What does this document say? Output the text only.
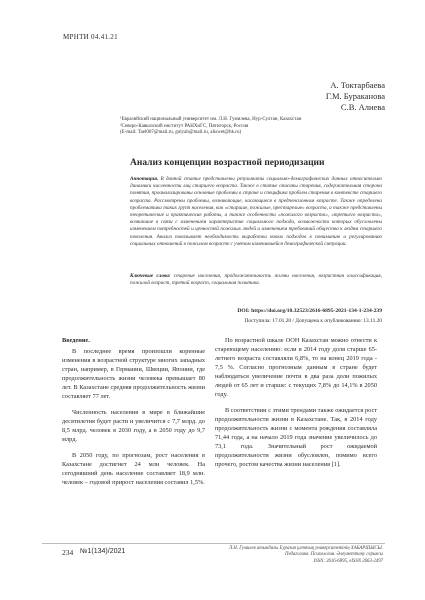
МРНТИ 04.41.21
А. Токтарбаева
Г.М. Бураканова
С.В. Алиева
¹Евразийский национальный университет им. Л.Н. Гумилева, Нур-Султан, Казахстан
²Северо-Кавказский институт РАНХиГС, Пятигорск, Россия
(E-mail: Tael007@mail.ru, gulyab@mail.ru, aliswet@bk.ru)
Анализ концепции возрастной периодизации
Аннотация. В данной статье представлены результаты социально-демографических данных относительно динамики численности лиц старшего возраста. Также в статье описаны старения, содержательная сторона понятия, проанализированы основные проблемы в стране и специфика проблем старения в контексте старшего возраста. Рассмотрены проблемы, возникающие, касающиеся в предпенсионном возрасте. Также определена проблематика таких групп населения, как «старшие, пожилые, престарелые» возраста, а также представлены теоретические и практические работы, а также особенности «пожилого возраста», «третьего возраста», возникшие в связи с изменением характеристик социального подхода, возможности которых обусловлены изменением потребностей и ценностей пожилых людей и изменением требований общества к людям старшего поколения. Анализ показывает необходимость выработки новых подходов к пониманию и регулированию социальных отношений в пожилом возрасте с учетом изменившейся демографической ситуации.
Ключевые слова: старение населения, продолжительность жизни населения, возрастная классификация, пожилой возраст, третий возраст, социальная политика.
DOI: https://doi.org/10.32523/2616-6895-2021-134-1-234-239
Поступила: 17.01.20 / Допущена к опубликованию: 13.11.20
Введение.

В последнее время произошли коренные изменения в возрастной структуре многих западных стран, например, в Германии, Швеции, Японии, где продолжительность жизни человека превышает 80 лет. В Казахстане средняя продолжительность жизни составляет 77 лет.

Численность населения в мире в ближайшие десятилетия будет расти и увеличится с 7,7 млрд. до 8,5 млрд. человек в 2030 году, а в 2050 году до 9,7 млрд.

В 2050 году, по прогнозам, рост населения в Казахстане достигнет 24 млн человек. На сегодняшний день население составляет 18,9 млн. человек – годовой прирост населения составил 1,5%.

По возрастной шкале ООН Казахстан можно отнести к стареющему населению: если в 2014 году доля старше 65-летнего возраста составляли 6,8%, то на конец 2019 года - 7,5 %. Согласно прогнозным данным в стране будет наблюдаться увеличение почти в два раза доли пожилых людей от 65 лет и старше: с текущих 7,8% до 14,1% в 2050 году.

В соответствии с этими трендами также ожидается рост продолжительности жизни в Казахстане. Так, в 2014 году продолжительность жизни с момента рождения составляла 71,44 года, а на начало 2019 года значение увеличилось до 73,1 года. Значительный рост ожидаемой продолжительности жизни обусловлен, помимо всего прочего, ростом качества жизни населения [1].

234 №1(134)/2021	Л.Н. Гумилев атындағы Еуразия ұлттық университетінің ХАБАРШЫСЫ.
Педагогика. Психология. Әлеуметтану сериясы
ISSN: 2616-6895, eISSN 2663-2497
